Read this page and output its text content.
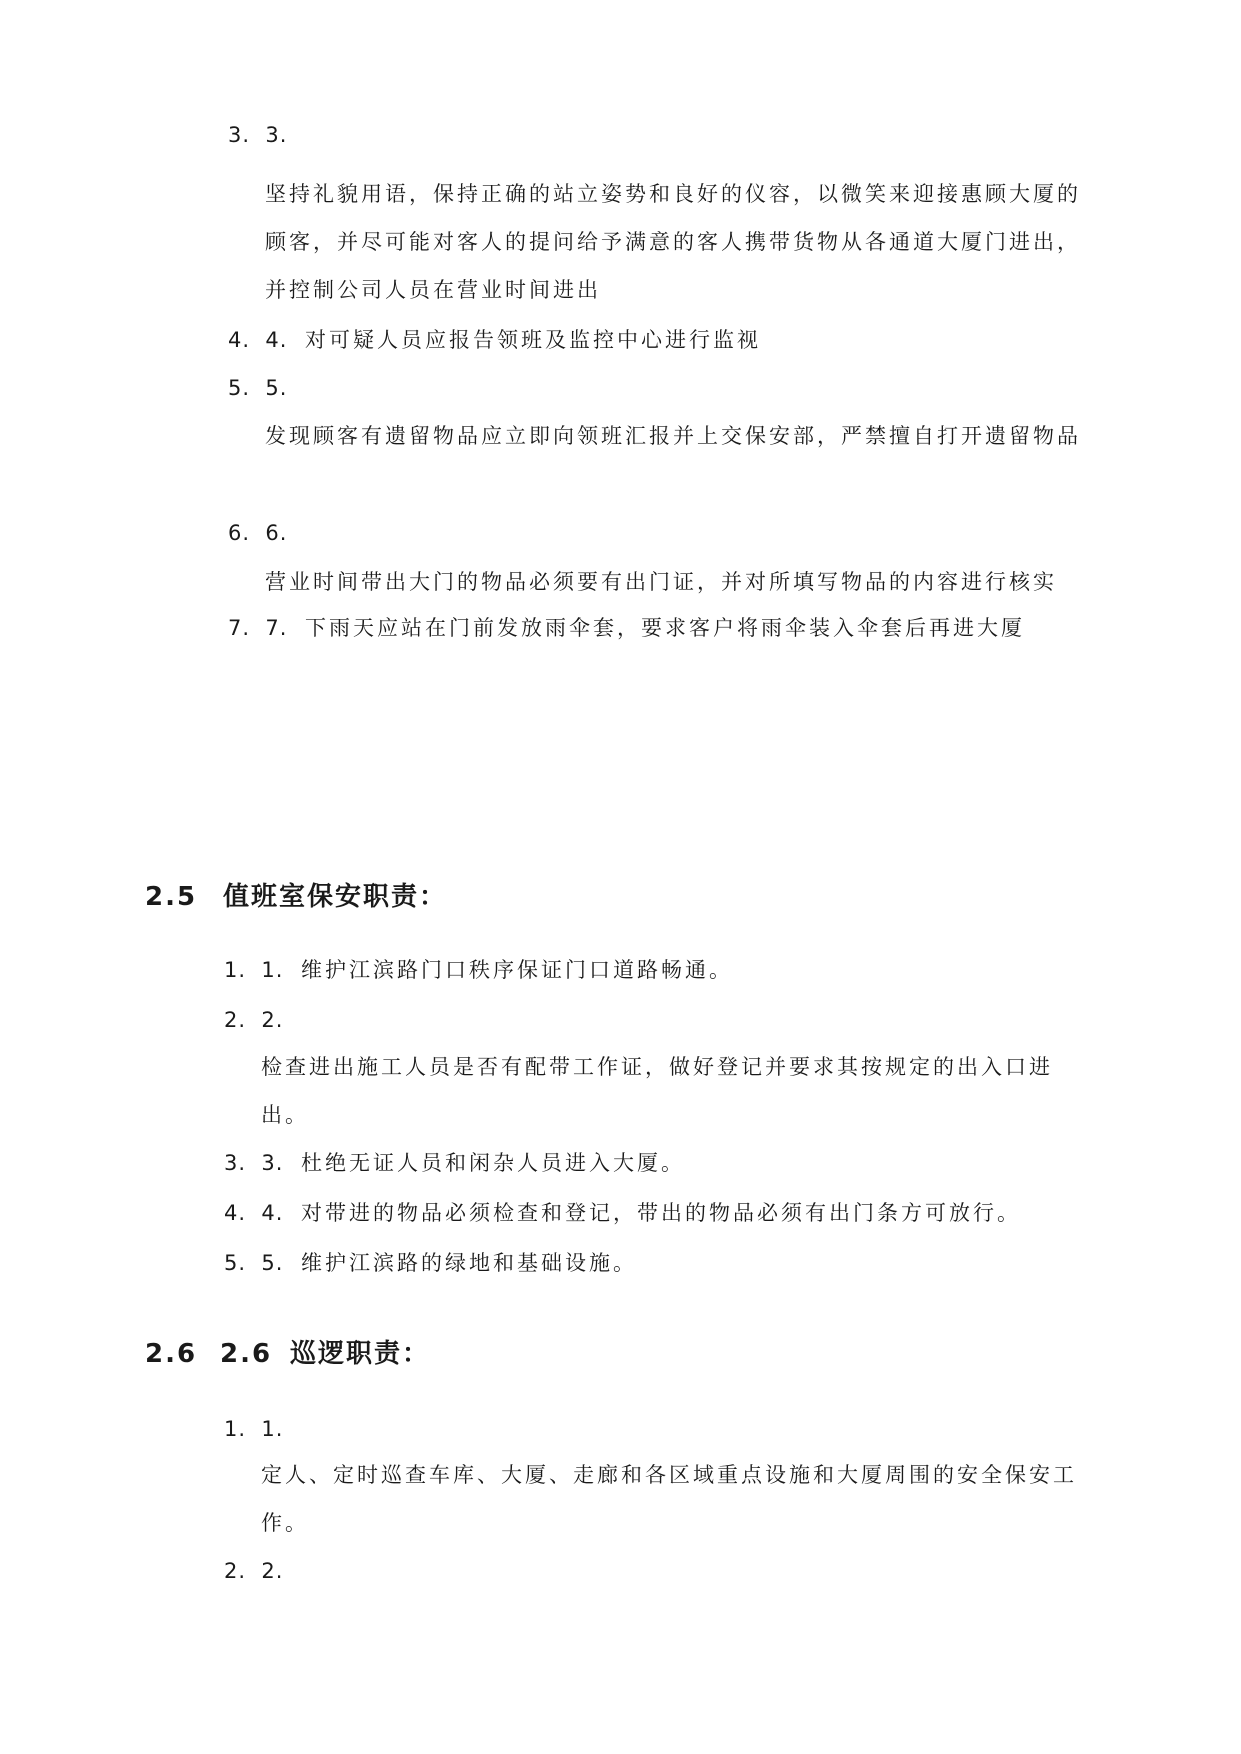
3.  3.
坚持礼貌用语，保持正确的站立姿势和良好的仪容，以微笑来迎接惠顾大厦的顾客，并尽可能对客人的提问给予满意的客人携带货物从各通道大厦门进出，并控制公司人员在营业时间进出
4.  4. 对可疑人员应报告领班及监控中心进行监视
5.  5.
发现顾客有遗留物品应立即向领班汇报并上交保安部，严禁擅自打开遗留物品
6.  6.
营业时间带出大门的物品必须要有出门证，并对所填写物品的内容进行核实
7.  7. 下雨天应站在门前发放雨伞套，要求客户将雨伞装入伞套后再进大厦
2.5 值班室保安职责：
1.  1. 维护江滨路门口秩序保证门口道路畅通。
2.  2.
检查进出施工人员是否有配带工作证，做好登记并要求其按规定的出入口进出。
3.  3. 杜绝无证人员和闲杂人员进入大厦。
4.  4. 对带进的物品必须检查和登记，带出的物品必须有出门条方可放行。
5.  5. 维护江滨路的绿地和基础设施。
2.6 2.6 巡逻职责：
1.  1.
定人、定时巡查车库、大厦、走廊和各区域重点设施和大厦周围的安全保安工作。
2.  2.
